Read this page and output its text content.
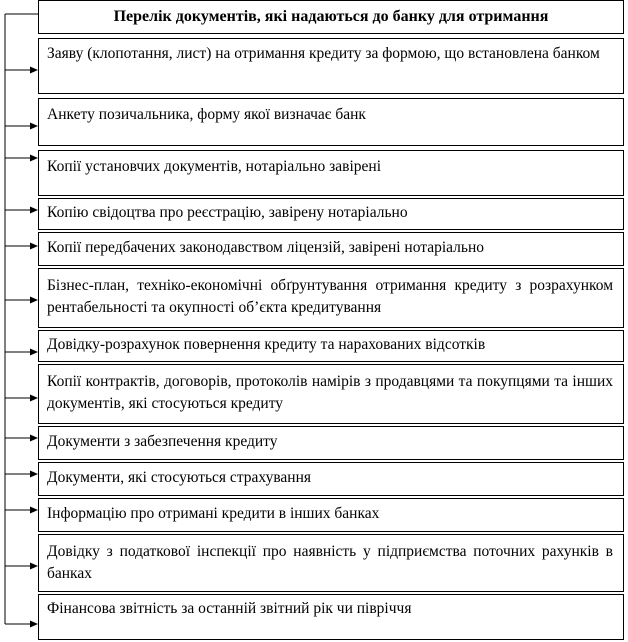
Перелік документів, які надаються до банку для отримання
Заяву (клопотання, лист) на отримання кредиту за формою, що встановлена банком
Анкету позичальника, форму якої визначає банк
Копії установчих документів, нотаріально завірені
Копію свідоцтва про реєстрацію, завірену нотаріально
Копії передбачених законодавством ліцензій, завірені нотаріально
Бізнес-план, техніко-економічні обґрунтування отримання кредиту з розрахунком рентабельності та окупності об’єкта кредитування
Довідку-розрахунок повернення кредиту та нарахованих відсотків
Копії контрактів, договорів, протоколів намірів з продавцями та покупцями та інших документів, які стосуються кредиту
Документи з забезпечення кредиту
Документи, які стосуються страхування
Інформацію про отримані кредити в інших банках
Довідку з податкової інспекції про наявність у підприємства поточних рахунків в банках
Фінансова звітність за останній звітний рік чи півріччя
